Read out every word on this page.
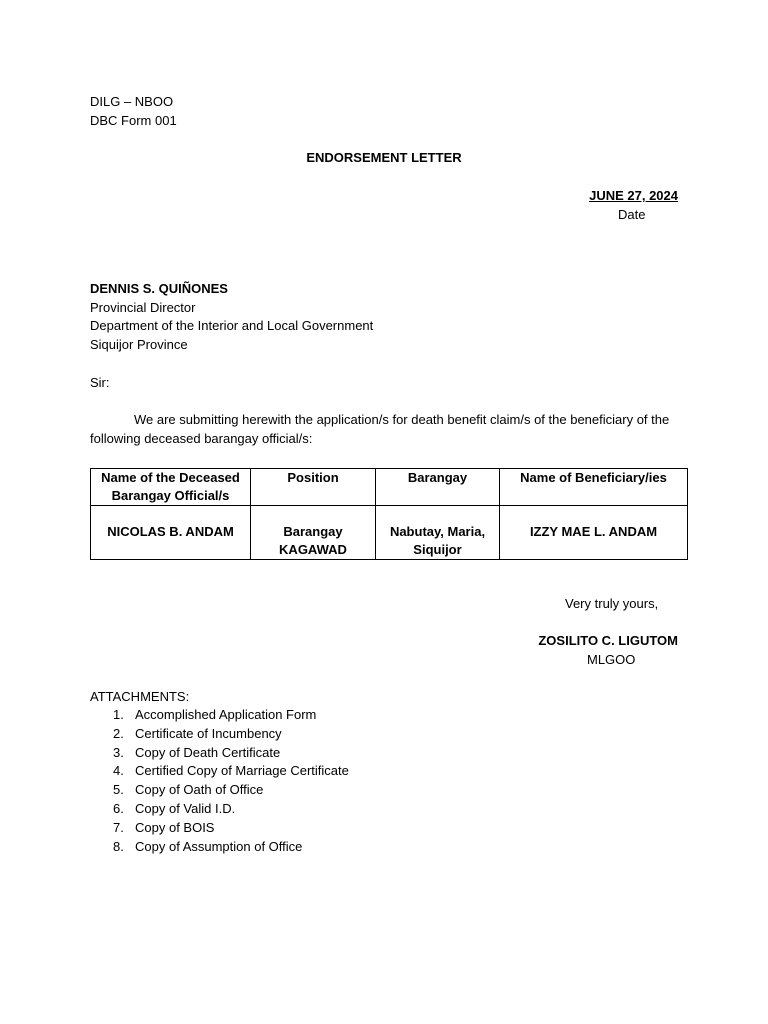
DILG – NBOO
DBC Form 001
ENDORSEMENT LETTER
JUNE 27, 2024
Date
DENNIS S. QUIÑONES
Provincial Director
Department of the Interior and Local Government
Siquijor Province
Sir:
We are submitting herewith the application/s for death benefit claim/s of the beneficiary of the following deceased barangay official/s:
Name of the Deceased Barangay Official/s	Position	Barangay	Name of Beneficiary/ies

NICOLAS B. ANDAM	Barangay KAGAWAD	Nabutay, Maria, Siquijor	IZZY MAE L. ANDAM
Very truly yours,
ZOSILITO C. LIGUTOM
MLGOO
ATTACHMENTS:
1. Accomplished Application Form
2. Certificate of Incumbency
3. Copy of Death Certificate
4. Certified Copy of Marriage Certificate
5. Copy of Oath of Office
6. Copy of Valid I.D.
7. Copy of BOIS
8. Copy of Assumption of Office
